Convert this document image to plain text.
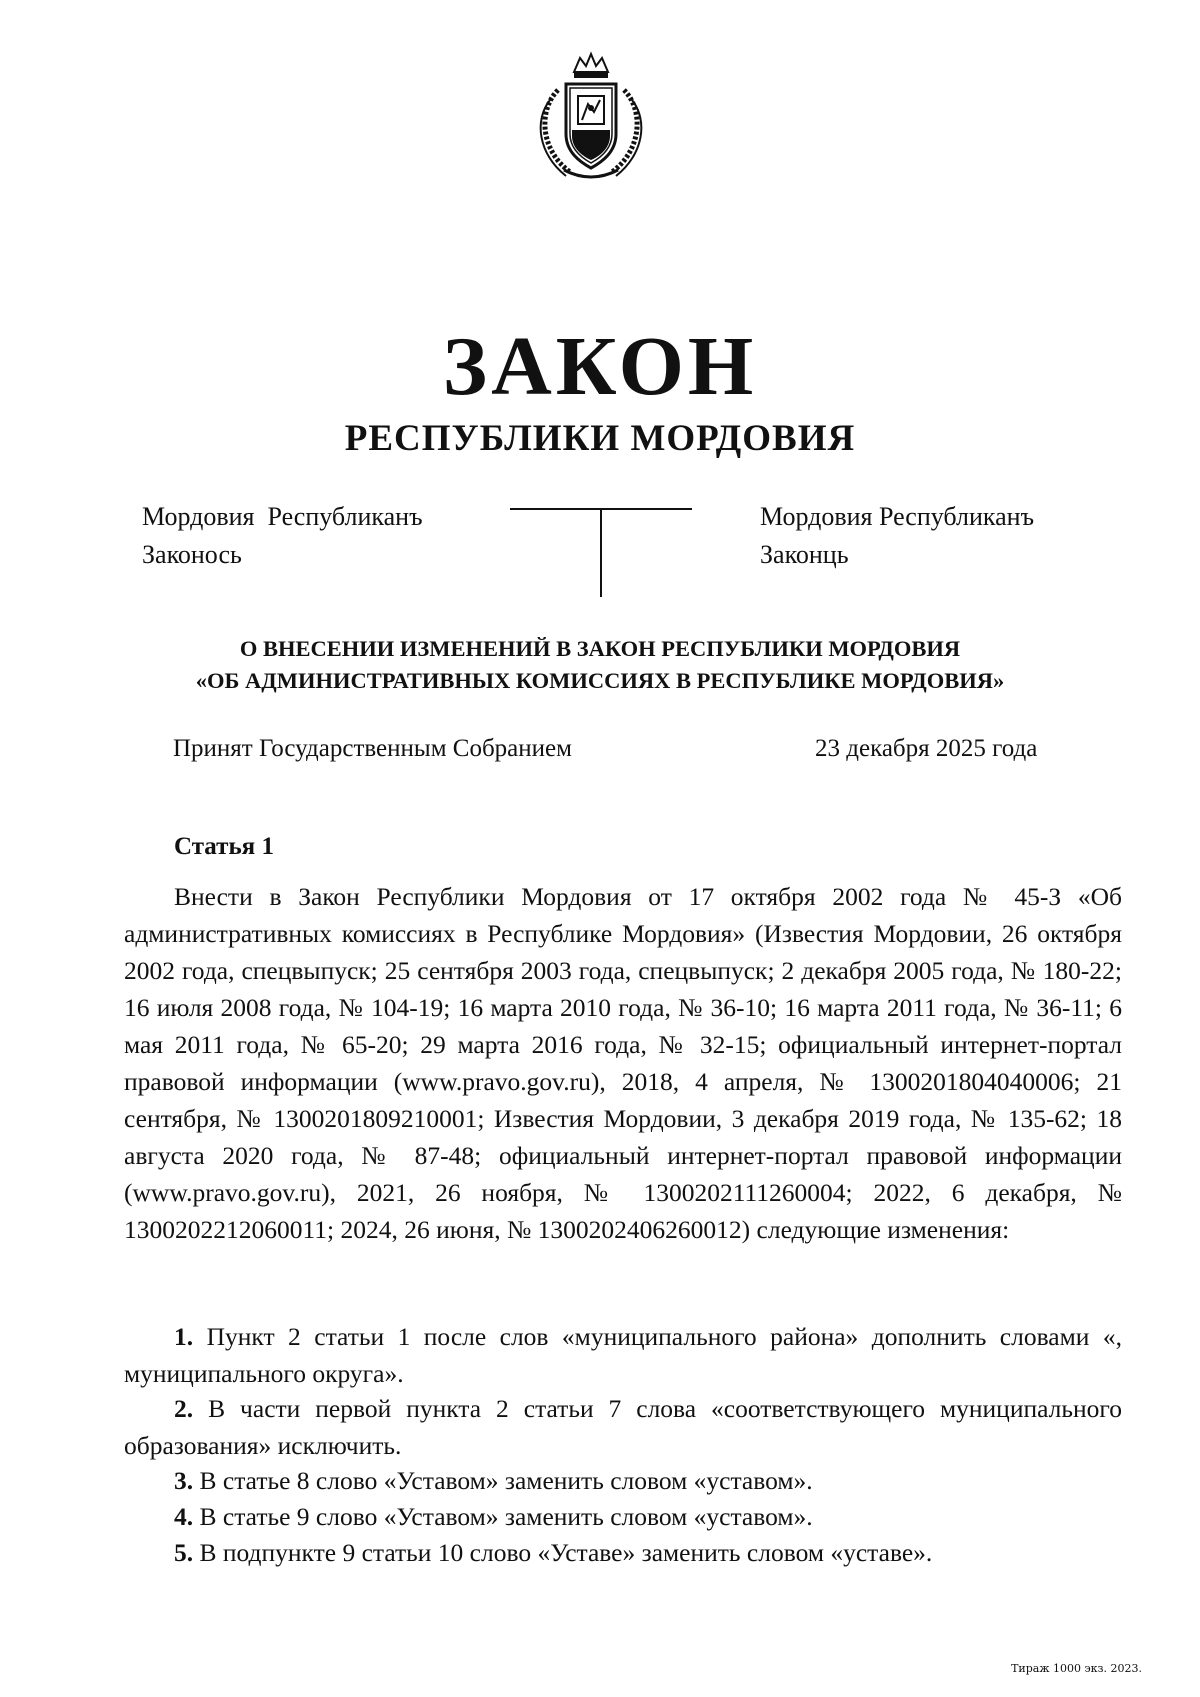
ЗАКОН
РЕСПУБЛИКИ МОРДОВИЯ
Мордовия  Республиканъ
Законось
Мордовия Республиканъ
Законць
О ВНЕСЕНИИ ИЗМЕНЕНИЙ В ЗАКОН РЕСПУБЛИКИ МОРДОВИЯ
«ОБ АДМИНИСТРАТИВНЫХ КОМИССИЯХ В РЕСПУБЛИКЕ МОРДОВИЯ»
Принят Государственным Собранием	23 декабря 2025 года
Статья 1

Внести в Закон Республики Мордовия от 17 октября 2002 года № 45-З «Об административных комиссиях в Республике Мордовия» (Известия Мордовии, 26 октября 2002 года, спецвыпуск; 25 сентября 2003 года, спецвыпуск; 2 декабря 2005 года, № 180-22; 16 июля 2008 года, № 104-19; 16 марта 2010 года, № 36-10; 16 марта 2011 года, № 36-11; 6 мая 2011 года, № 65-20; 29 марта 2016 года, № 32-15; официальный интернет-портал правовой информации (www.pravo.gov.ru), 2018, 4 апреля, № 1300201804040006; 21 сентября, № 1300201809210001; Известия Мордовии, 3 декабря 2019 года, № 135-62; 18 августа 2020 года, № 87-48; официальный интернет-портал правовой информации (www.pravo.gov.ru), 2021, 26 ноября, № 1300202111260004; 2022, 6 декабря, № 1300202212060011; 2024, 26 июня, № 1300202406260012) следующие изменения:

1. Пункт 2 статьи 1 после слов «муниципального района» дополнить словами «, муниципального округа».

2. В части первой пункта 2 статьи 7 слова «соответствующего муниципального образования» исключить.

3. В статье 8 слово «Уставом» заменить словом «уставом».

4. В статье 9 слово «Уставом» заменить словом «уставом».

5. В подпункте 9 статьи 10 слово «Уставе» заменить словом «уставе».

Тираж 1000 экз. 2023.
